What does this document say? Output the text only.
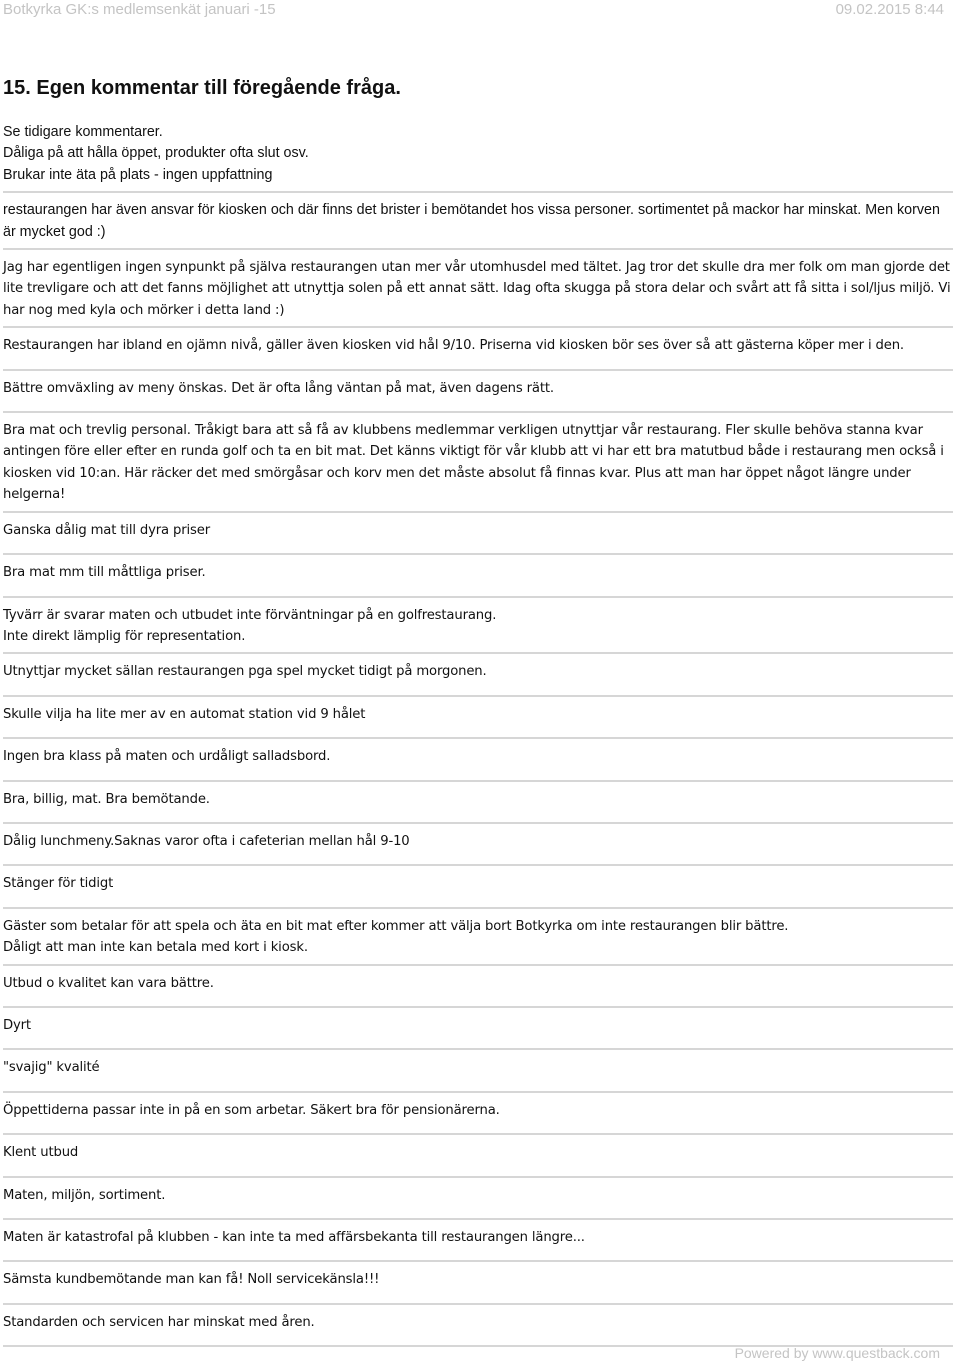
Botkyrka GK:s medlemsenkät januari -15	09.02.2015 8:44
15. Egen kommentar till föregående fråga.

Se tidigare kommentarer.

Dåliga på att hålla öppet, produkter ofta slut osv.

Brukar inte äta på plats - ingen uppfattning

restaurangen har även ansvar för kiosken och där finns det brister i bemötandet hos vissa personer. sortimentet på mackor har minskat. Men korven är mycket god :)

Jag har egentligen ingen synpunkt på själva restaurangen utan mer vår utomhusdel med tältet. Jag tror det skulle dra mer folk om man gjorde det lite trevligare och att det fanns möjlighet att utnyttja solen på ett annat sätt. Idag ofta skugga på stora delar och svårt att få sitta i sol/ljus miljö. Vi har nog med kyla och mörker i detta land :)

Restaurangen har ibland en ojämn nivå, gäller även kiosken vid hål 9/10. Priserna vid kiosken bör ses över så att gästerna köper mer i den.

Bättre omväxling av meny önskas. Det är ofta lång väntan på mat, även dagens rätt.

Bra mat och trevlig personal. Tråkigt bara att så få av klubbens medlemmar verkligen utnyttjar vår restaurang. Fler skulle behöva stanna kvar antingen före eller efter en runda golf och ta en bit mat. Det känns viktigt för vår klubb att vi har ett bra matutbud både i restaurang men också i kiosken vid 10:an. Här räcker det med smörgåsar och korv men det måste absolut få finnas kvar. Plus att man har öppet något längre under helgerna!

Ganska dålig mat till dyra priser

Bra mat mm till måttliga priser.

Tyvärr är svarar maten och utbudet inte förväntningar på en golfrestaurang.

Inte direkt lämplig för representation.

Utnyttjar mycket sällan restaurangen pga spel mycket tidigt på morgonen.

Skulle vilja ha lite mer av en automat station vid 9 hålet

Ingen bra klass på maten och urdåligt salladsbord.

Bra, billig, mat. Bra bemötande.

Dålig lunchmeny.Saknas varor ofta i cafeterian mellan hål 9-10

Stänger för tidigt

Gäster som betalar för att spela och äta en bit mat efter kommer att välja bort Botkyrka om inte restaurangen blir bättre.

Dåligt att man inte kan betala med kort i kiosk.

Utbud o kvalitet kan vara bättre.

Dyrt

"svajig" kvalité

Öppettiderna passar inte in på en som arbetar. Säkert bra för pensionärerna.

Klent utbud

Maten, miljön, sortiment.

Maten är katastrofal på klubben - kan inte ta med affärsbekanta till restaurangen längre...

Sämsta kundbemötande man kan få! Noll servicekänsla!!!

Standarden och servicen har minskat med åren.

Powered by www.questback.com
